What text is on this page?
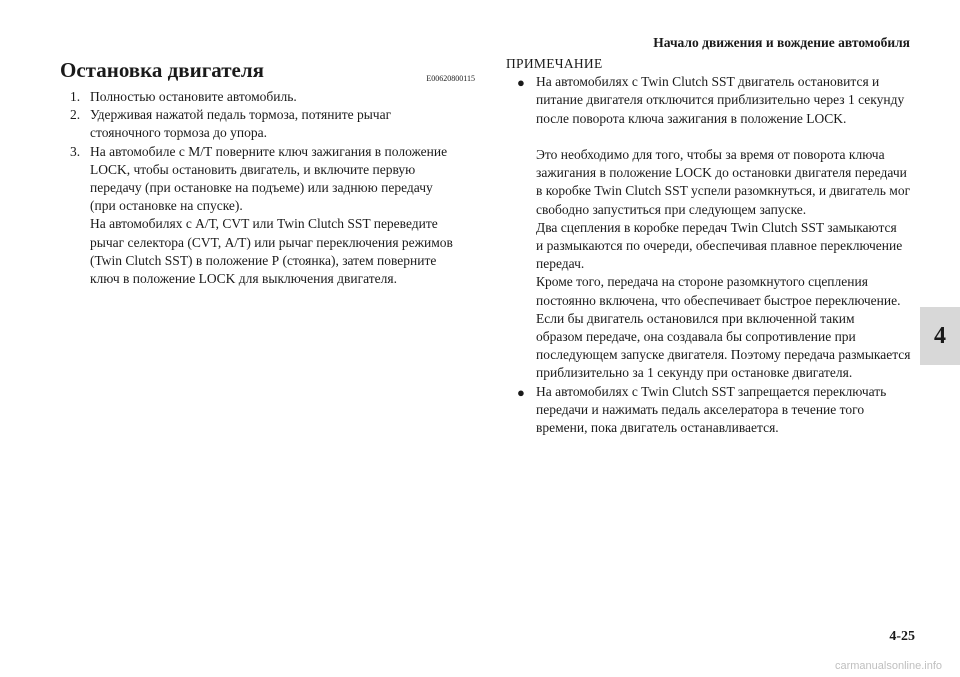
Начало движения и вождение автомобиля
Остановка двигателя	E00620800115
1. Полностью остановите автомобиль.
2. Удерживая нажатой педаль тормоза, потяните рычаг
стояночного тормоза до упора.
3. На автомобиле с М/Т поверните ключ зажигания в положение
LOCK, чтобы остановить двигатель, и включите первую
передачу (при остановке на подъеме) или заднюю передачу
(при остановке на спуске).
На автомобилях с А/Т, CVT или Twin Clutch SST переведите
рычаг селектора (CVT, А/Т) или рычаг переключения режимов
(Twin Clutch SST) в положение Р (стоянка), затем поверните
ключ в положение LOCK для выключения двигателя.
ПРИМЕЧАНИЕ
● На автомобилях с Twin Clutch SST двигатель остановится и
питание двигателя отключится приблизительно через 1 секунду
после поворота ключа зажигания в положение LOCK.
Это необходимо для того, чтобы за время от поворота ключа
зажигания в положение LOCK до остановки двигателя передачи
в коробке Twin Clutch SST успели разомкнуться, и двигатель мог
свободно запуститься при следующем запуске.
Два сцепления в коробке передач Twin Clutch SST замыкаются
и размыкаются по очереди, обеспечивая плавное переключение
передач.
Кроме того, передача на стороне разомкнутого сцепления
постоянно включена, что обеспечивает быстрое переключение.
Если бы двигатель остановился при включенной таким
образом передаче, она создавала бы сопротивление при
последующем запуске двигателя. Поэтому передача размыкается
приблизительно за 1 секунду при остановке двигателя.
● На автомобилях с Twin Clutch SST запрещается переключать
передачи и нажимать педаль акселератора в течение того
времени, пока двигатель останавливается.
4
4-25
carmanualsonline.info
